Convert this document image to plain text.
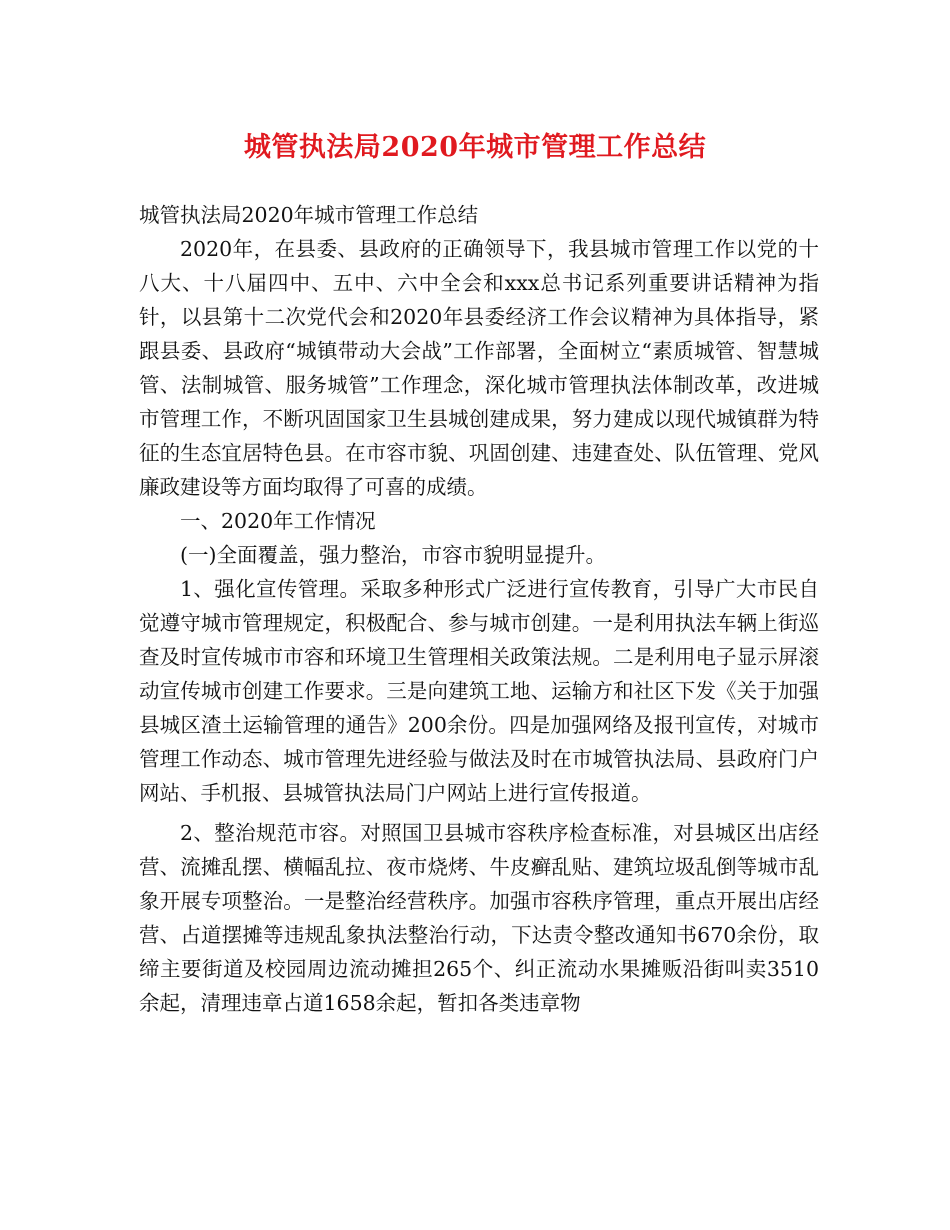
城管执法局2020年城市管理工作总结

城管执法局2020年城市管理工作总结

2020年，在县委、县政府的正确领导下，我县城市管理工作以党的十八大、十八届四中、五中、六中全会和xxx总书记系列重要讲话精神为指针，以县第十二次党代会和2020年县委经济工作会议精神为具体指导，紧跟县委、县政府“城镇带动大会战”工作部署，全面树立“素质城管、智慧城管、法制城管、服务城管”工作理念，深化城市管理执法体制改革，改进城市管理工作，不断巩固国家卫生县城创建成果，努力建成以现代城镇群为特征的生态宜居特色县。在市容市貌、巩固创建、违建查处、队伍管理、党风廉政建设等方面均取得了可喜的成绩。

一、2020年工作情况

(一)全面覆盖，强力整治，市容市貌明显提升。

1、强化宣传管理。采取多种形式广泛进行宣传教育，引导广大市民自觉遵守城市管理规定，积极配合、参与城市创建。一是利用执法车辆上街巡查及时宣传城市市容和环境卫生管理相关政策法规。二是利用电子显示屏滚动宣传城市创建工作要求。三是向建筑工地、运输方和社区下发《关于加强县城区渣土运输管理的通告》200余份。四是加强网络及报刊宣传，对城市管理工作动态、城市管理先进经验与做法及时在市城管执法局、县政府门户网站、手机报、县城管执法局门户网站上进行宣传报道。

2、整治规范市容。对照国卫县城市容秩序检查标准，对县城区出店经营、流摊乱摆、横幅乱拉、夜市烧烤、牛皮癣乱贴、建筑垃圾乱倒等城市乱象开展专项整治。一是整治经营秩序。加强市容秩序管理，重点开展出店经营、占道摆摊等违规乱象执法整治行动，下达责令整改通知书670余份，取缔主要街道及校园周边流动摊担265个、纠正流动水果摊贩沿街叫卖3510余起，清理违章占道1658余起，暂扣各类违章物
